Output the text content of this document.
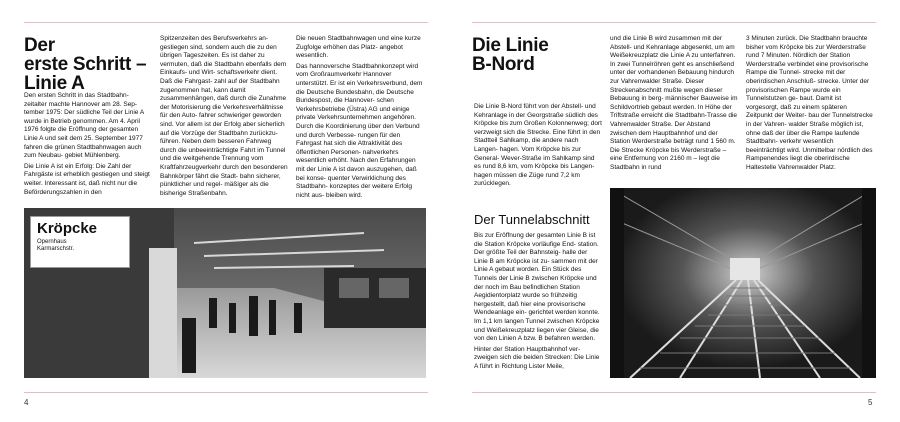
Der
erste Schritt –
Linie A

Den ersten Schritt in das Stadtbahn- zeitalter machte Hannover am 28. Sep- tember 1975: Der südliche Teil der Linie A wurde in Betrieb genommen. Am 4. April 1976 folgte die Eröffnung der gesamten Linie A und seit dem 25. September 1977 fahren die grünen Stadtbahnwagen auch zum Neubau- gebiet Mühlenberg.

Die Linie A ist ein Erfolg: Die Zahl der Fahrgäste ist erheblich gestiegen und steigt weiter. Interessant ist, daß nicht nur die Beförderungszahlen in den

Spitzenzeiten des Berufsverkehrs an- gestiegen sind, sondern auch die zu den übrigen Tageszeiten. Es ist daher zu vermuten, daß die Stadtbahn ebenfalls dem Einkaufs- und Wirt- schaftsverkehr dient. Daß die Fahrgast- zahl auf der Stadtbahn zugenommen hat, kann damit zusammenhängen, daß durch die Zunahme der Motorisierung die Verkehrsverhältnisse für den Auto- fahrer schwieriger geworden sind. Vor allem ist der Erfolg aber sicherlich auf die Vorzüge der Stadtbahn zurückzu- führen. Neben dem besseren Fahrweg durch die unbeeinträchtigte Fahrt im Tunnel und die weitgehende Trennung vom Kraftfahrzeugverkehr durch den besonderen Bahnkörper fährt die Stadt- bahn sicherer, pünktlicher und regel- mäßiger als die bisherige Straßenbahn.

Die neuen Stadtbahnwagen und eine kurze Zugfolge erhöhen das Platz- angebot wesentlich.

Das hannoversche Stadtbahnkonzept wird vom Großraumverkehr Hannover unterstützt. Er ist ein Verkehrsverbund, dem die Deutsche Bundesbahn, die Deutsche Bundespost, die Hannover- schen Verkehrsbetriebe (Üstra) AG und einige private Verkehrsunternehmen angehören. Durch die Koordinierung über den Verbund und durch Verbesse- rungen für den Fahrgast hat sich die Attraktivität des öffentlichen Personen- nahverkehrs wesentlich erhöht. Nach den Erfahrungen mit der Linie A ist davon auszugehen, daß bei konse- quenter Verwirklichung des Stadtbahn- konzeptes der weitere Erfolg nicht aus- bleiben wird.

Kröpcke
Opernhaus
Karmarschstr.
4
Die Linie
B-Nord

Die Linie B-Nord führt von der Abstell- und Kehranlage in der Georgstraße südlich des Kröpcke bis zum Großen Kolonnenweg; dort verzweigt sich die Strecke. Eine führt in den Stadtteil Sahlkamp, die andere nach Langen- hagen. Vom Kröpcke bis zur General- Wever-Straße im Sahlkamp sind es rund 8,6 km, vom Kröpcke bis Langen- hagen müssen die Züge rund 7,2 km zurücklegen.

Der Tunnelabschnitt

Bis zur Eröffnung der gesamten Linie B ist die Station Kröpcke vorläufige End- station. Der größte Teil der Bahnsteig- halle der Linie B am Kröpcke ist zu- sammen mit der Linie A gebaut worden. Ein Stück des Tunnels der Linie B zwischen Kröpcke und der noch im Bau befindlichen Station Aegidientorplatz wurde so frühzeitig hergestellt, daß hier eine provisorische Wendeanlage ein- gerichtet werden konnte. Im 1,1 km langen Tunnel zwischen Kröpcke und Weißekreuzplatz liegen vier Gleise, die von den Linien A bzw. B befahren werden.

Hinter der Station Hauptbahnhof ver- zweigen sich die beiden Strecken: Die Linie A führt in Richtung Lister Meile,

und die Linie B wird zusammen mit der Abstell- und Kehranlage abgesenkt, um am Weißekreuzplatz die Linie A zu unterfahren. In zwei Tunnelröhren geht es anschließend unter der vorhandenen Bebauung hindurch zur Vahrenwalder Straße. Dieser Streckenabschnitt mußte wegen dieser Bebauung in berg- männischer Bauweise im Schildvortrieb gebaut werden. In Höhe der Triftstraße erreicht die Stadtbahn-Trasse die Vahrenwalder Straße. Der Abstand zwischen dem Hauptbahnhof und der Station Werderstraße beträgt rund 1 560 m. Die Strecke Kröpcke bis Werderstraße – eine Entfernung von 2160 m – legt die Stadtbahn in rund

3 Minuten zurück. Die Stadtbahn brauchte bisher vom Kröpcke bis zur Werderstraße rund 7 Minuten. Nördlich der Station Werderstraße verbindet eine provisorische Rampe die Tunnel- strecke mit der oberirdischen Anschluß- strecke. Unter der provisorischen Rampe wurde ein Tunnelstutzen ge- baut. Damit ist vorgesorgt, daß zu einem späteren Zeitpunkt der Weiter- bau der Tunnelstrecke in der Vahren- walder Straße möglich ist, ohne daß der über die Rampe laufende Stadtbahn- verkehr wesentlich beeinträchtigt wird. Unmittelbar nördlich des Rampenendes liegt die oberirdische Haltestelle Vahrenwalder Platz.

5
